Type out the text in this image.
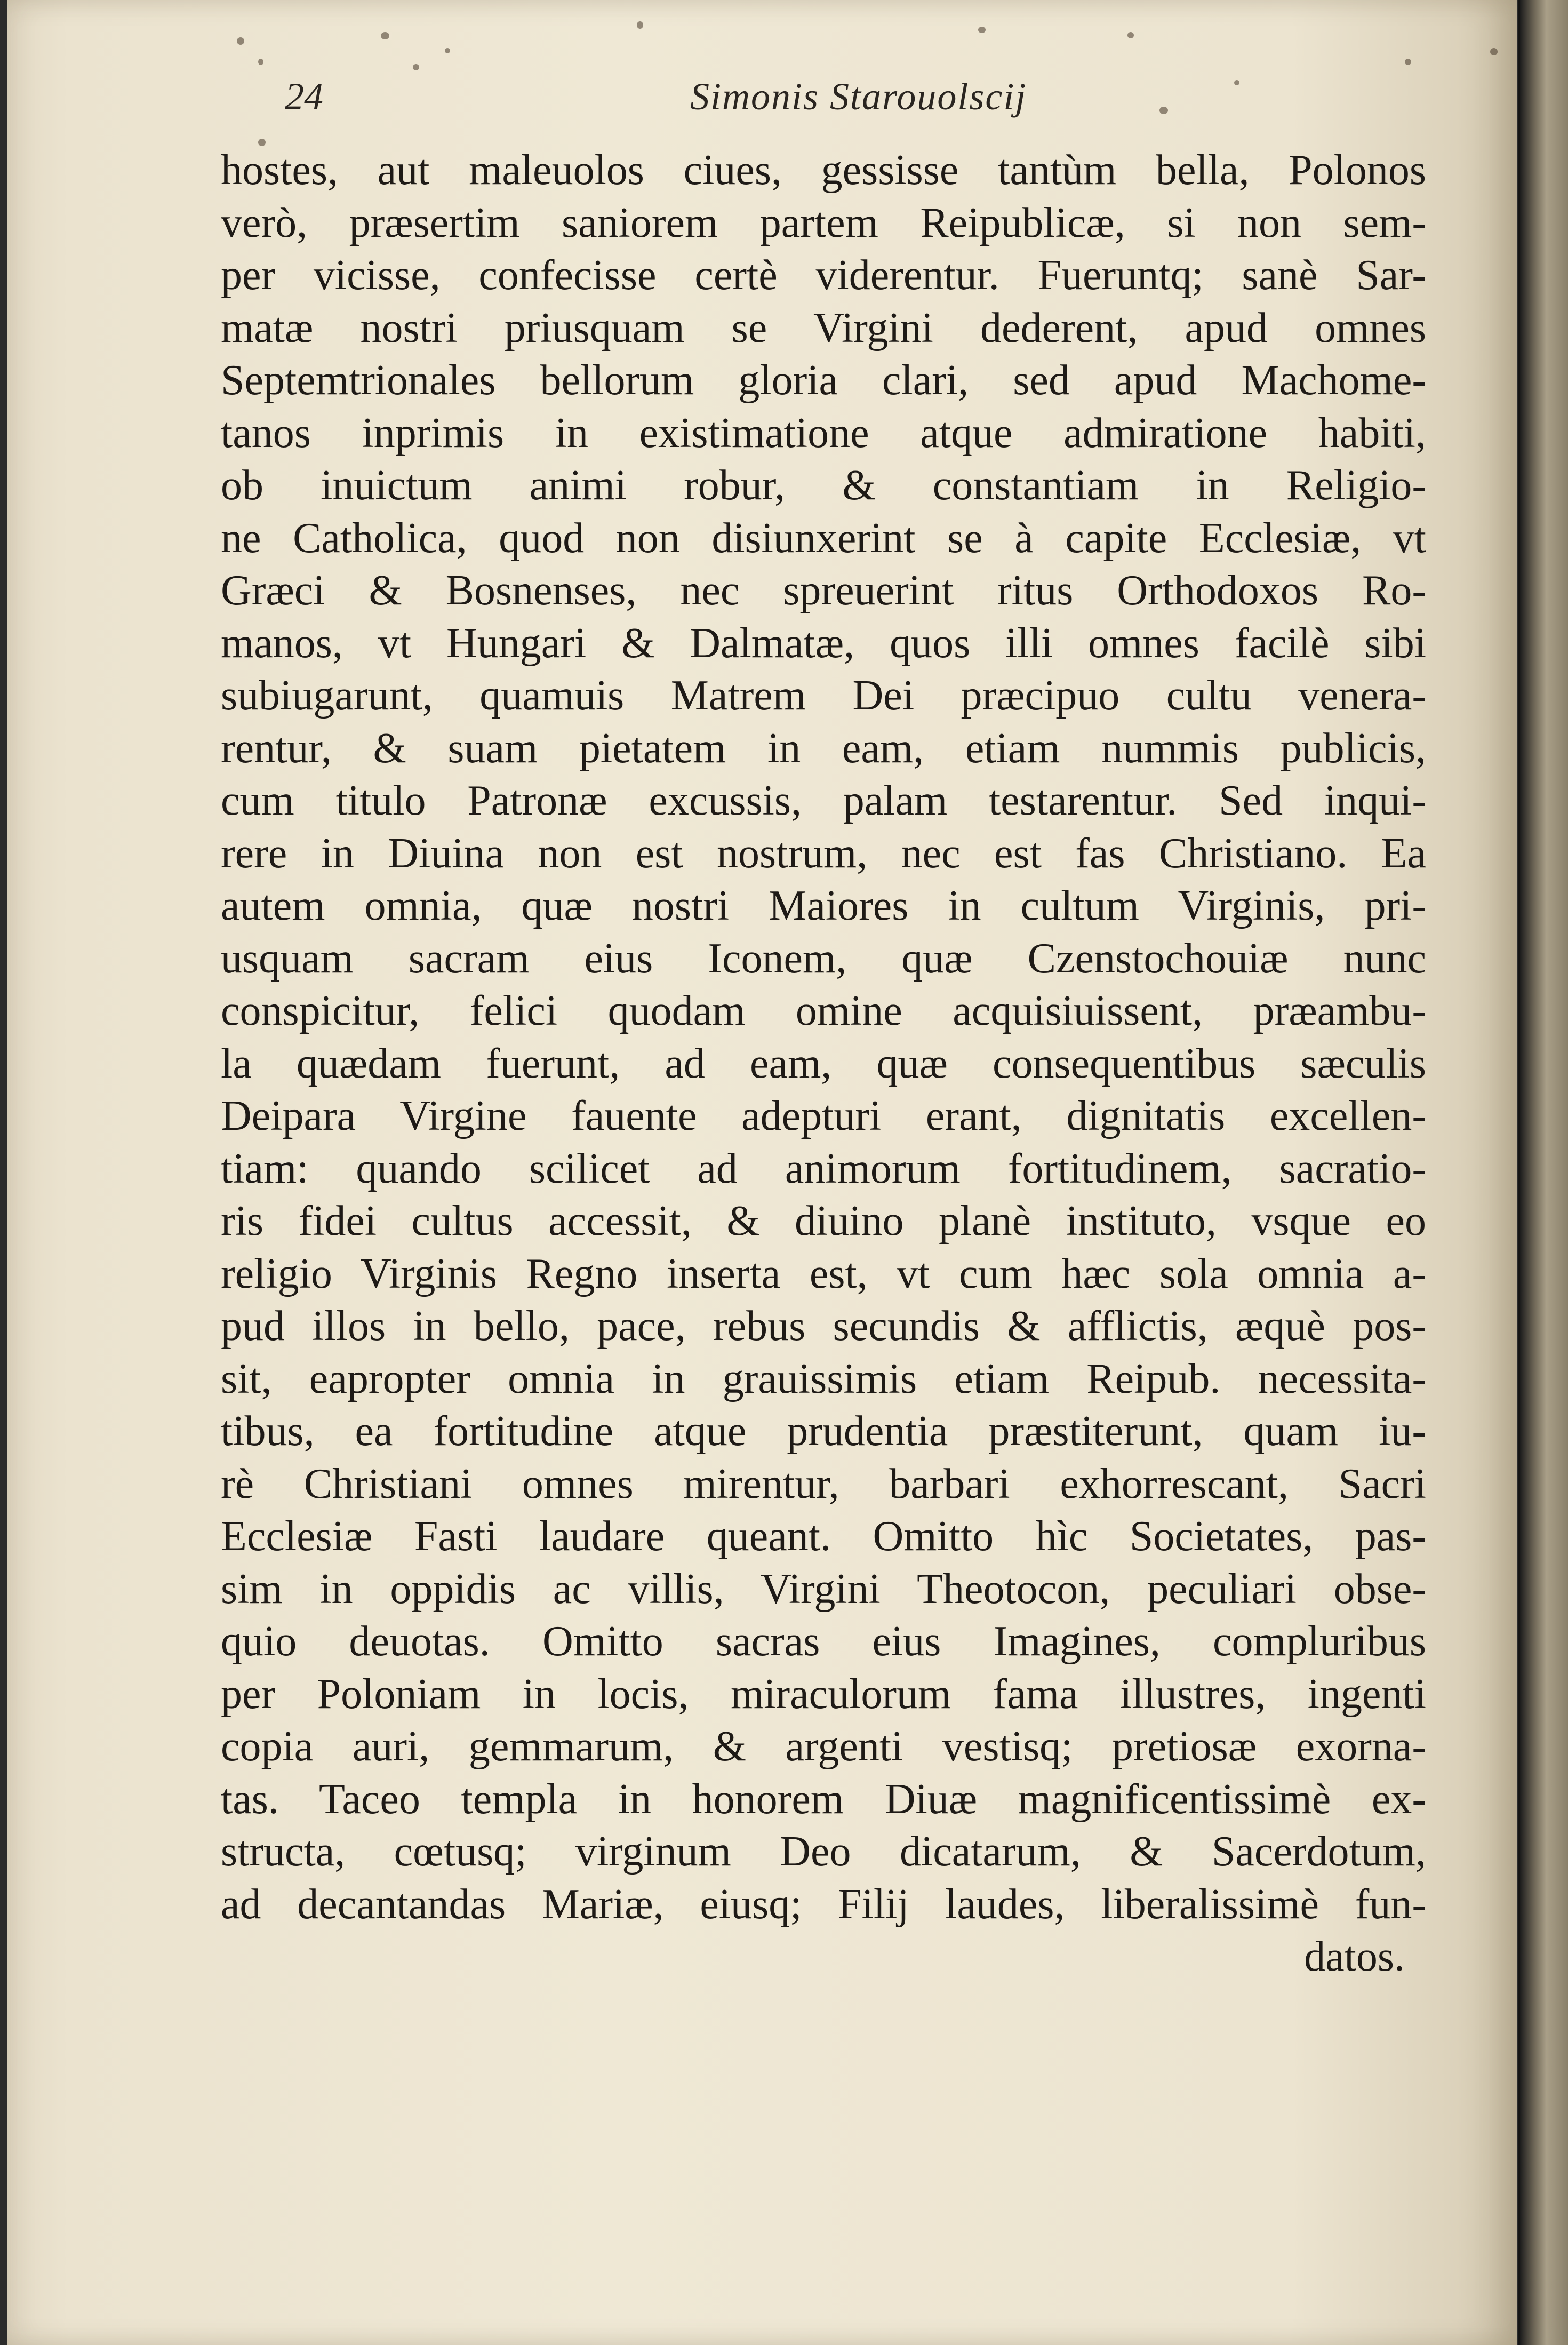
24	Simonis Starouolscij
hostes, aut maleuolos ciues, gessisse tantùm bella, Polonos
verò, præsertim saniorem partem Reipublicæ, si non sem-
per vicisse, confecisse certè viderentur. Fueruntq; sanè Sar-
matæ nostri priusquam se Virgini dederent, apud omnes
Septemtrionales bellorum gloria clari, sed apud Machome-
tanos inprimis in existimatione atque admiratione habiti,
ob inuictum animi robur, & constantiam in Religio-
ne Catholica, quod non disiunxerint se à capite Ecclesiæ, vt
Græci & Bosnenses, nec spreuerint ritus Orthodoxos Ro-
manos, vt Hungari & Dalmatæ, quos illi omnes facilè sibi
subiugarunt, quamuis Matrem Dei præcipuo cultu venera-
rentur, & suam pietatem in eam, etiam nummis publicis,
cum titulo Patronæ excussis, palam testarentur. Sed inqui-
rere in Diuina non est nostrum, nec est fas Christiano. Ea
autem omnia, quæ nostri Maiores in cultum Virginis, pri-
usquam sacram eius Iconem, quæ Czenstochouiæ nunc
conspicitur, felici quodam omine acquisiuissent, præambu-
la quædam fuerunt, ad eam, quæ consequentibus sæculis
Deipara Virgine fauente adepturi erant, dignitatis excellen-
tiam: quando scilicet ad animorum fortitudinem, sacratio-
ris fidei cultus accessit, & diuino planè instituto, vsque eo
religio Virginis Regno inserta est, vt cum hæc sola omnia a-
pud illos in bello, pace, rebus secundis & afflictis, æquè pos-
sit, eapropter omnia in grauissimis etiam Reipub. necessita-
tibus, ea fortitudine atque prudentia præstiterunt, quam iu-
rè Christiani omnes mirentur, barbari exhorrescant, Sacri
Ecclesiæ Fasti laudare queant. Omitto hìc Societates, pas-
sim in oppidis ac villis, Virgini Theotocon, peculiari obse-
quio deuotas. Omitto sacras eius Imagines, compluribus
per Poloniam in locis, miraculorum fama illustres, ingenti
copia auri, gemmarum, & argenti vestisq; pretiosæ exorna-
tas. Taceo templa in honorem Diuæ magnificentissimè ex-
structa, cœtusq; virginum Deo dicatarum, & Sacerdotum,
ad decantandas Mariæ, eiusq; Filij laudes, liberalissimè fun-
datos.
